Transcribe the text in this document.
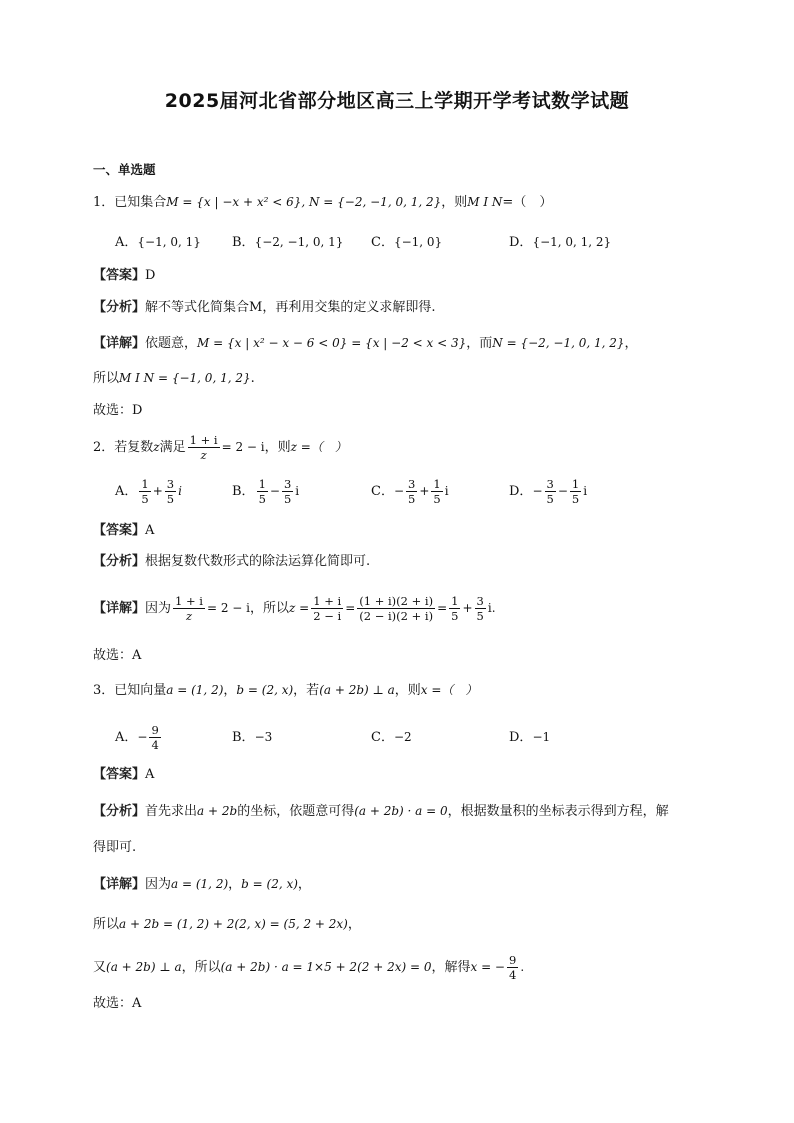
2025届河北省部分地区高三上学期开学考试数学试题
一、单选题
1．已知集合M = {x | −x + x² < 6}, N = {−2, −1, 0, 1, 2}，则M Ι N=（　）
A．{−1, 0, 1} B．{−2, −1, 0, 1} C．{−1, 0}	D．{−1, 0, 1, 2}
【答案】D
【分析】解不等式化简集合M，再利用交集的定义求解即得.
【详解】依题意，M = {x | x² − x − 6 < 0} = {x | −2 < x < 3}，而N = {−2, −1, 0, 1, 2}，
所以M Ι N = {−1, 0, 1, 2}.
故选：D
2．若复数z满足 $\frac{1 + i}{z} = 2 - i$，则z =（　）
A． $\frac{1}{5} + \frac{3}{5}$ i	B． $\frac{1}{5} - \frac{3}{5}$ i	C．− $\frac{3}{5} + \frac{1}{5}$ i	D．− $\frac{3}{5} - \frac{1}{5}$ i
【答案】A
【分析】根据复数代数形式的除法运算化简即可.
【详解】因为 $\frac{1 + i}{z} = 2 - i$，所以$z = \frac{1 + i}{2 - i} = \frac{(1 + i)(2 + i)}{(2 - i)(2 + i)} = \frac{1}{5} + \frac{3}{5} i$.
故选：A
3．已知向量a = (1, 2)，b = (2, x)，若(a + 2b) ⊥ a，则x =（　）
A．− $\frac{9}{4}$	B．−3	C．−2	D．−1
【答案】A
【分析】首先求出a + 2b的坐标，依题意可得(a + 2b) · a = 0，根据数量积的坐标表示得到方程，解
得即可.
【详解】因为a = (1, 2)，b = (2, x)，
所以a + 2b = (1, 2) + 2(2, x) = (5, 2 + 2x)，
又(a + 2b) ⊥ a，所以(a + 2b) · a = 1×5 + 2(2 + 2x) = 0，解得x = − $\frac{9}{4}$ .
故选：A
